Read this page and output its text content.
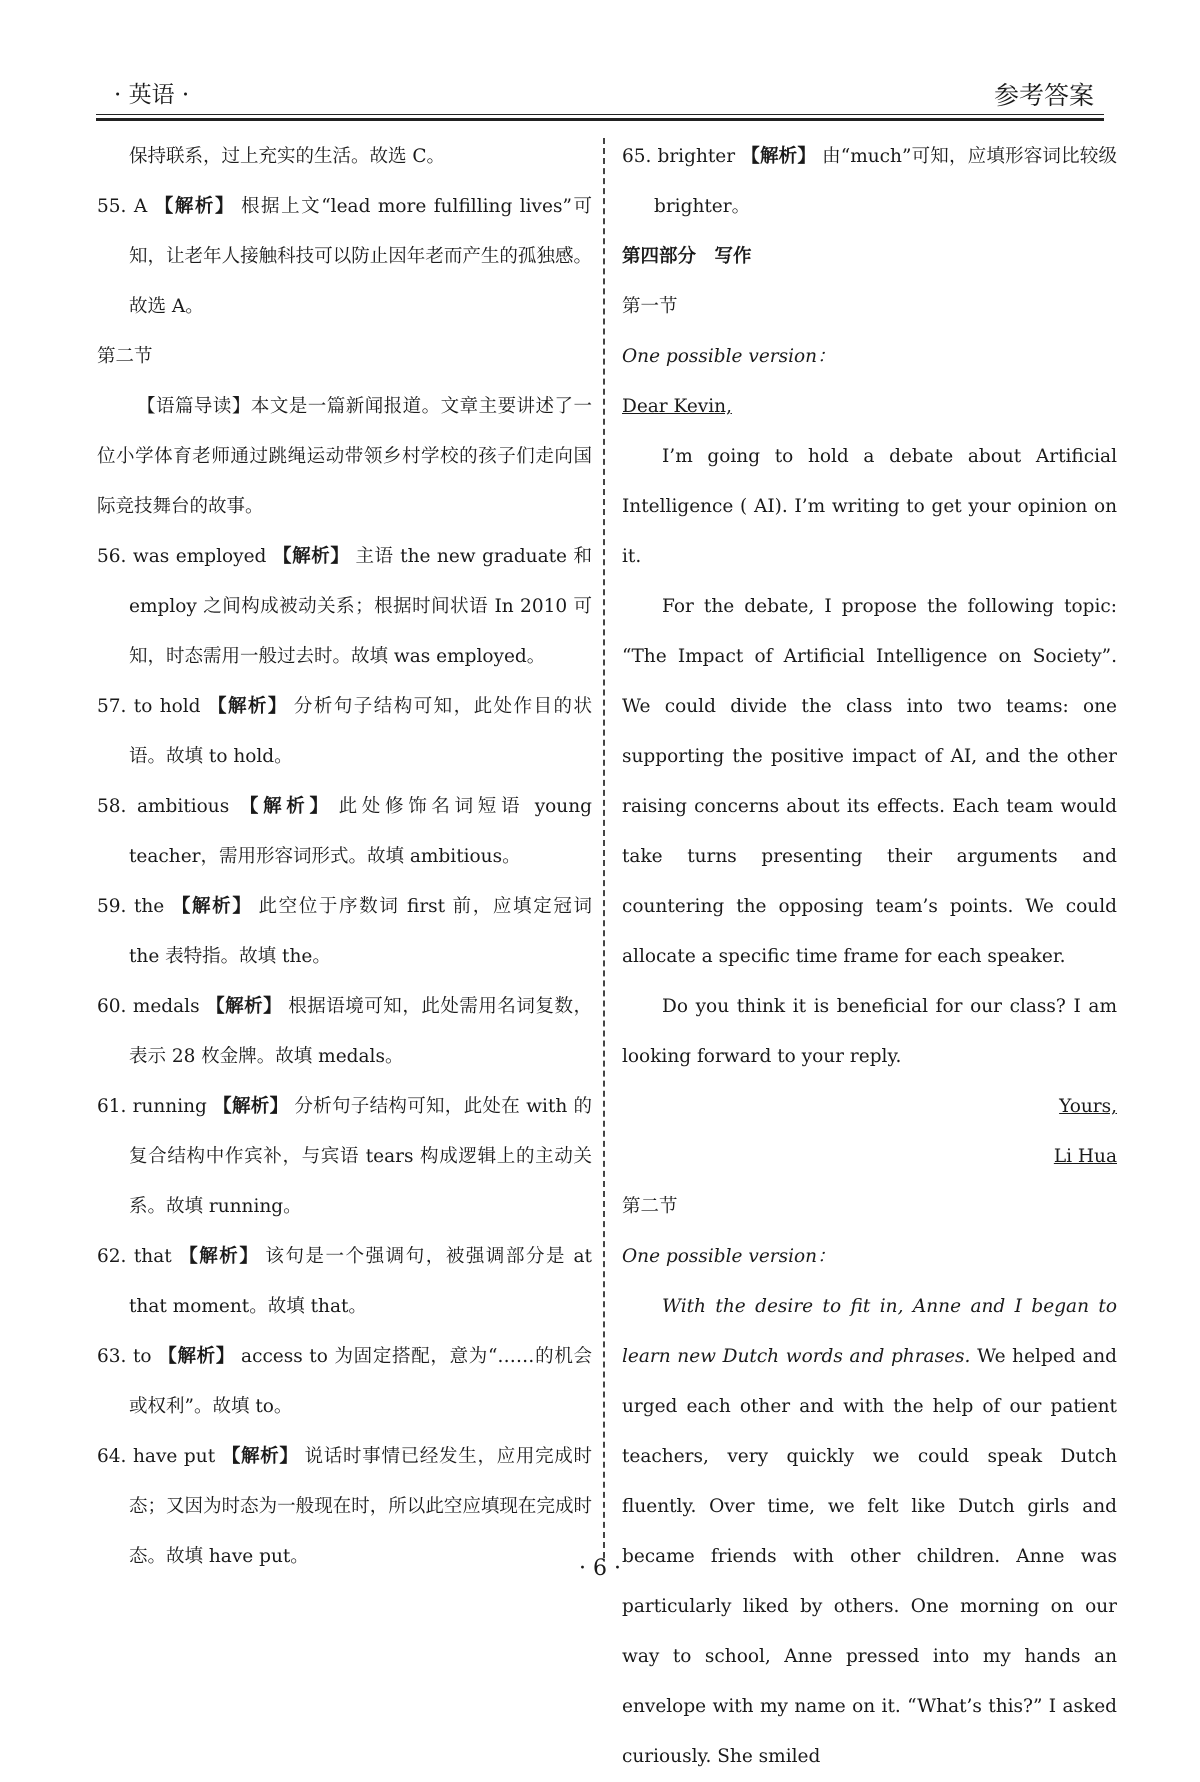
· 英语 ·	参考答案

保持联系，过上充实的生活。故选 C。

55. A 【解析】 根据上文“lead more fulfilling lives”可知，让老年人接触科技可以防止因年老而产生的孤独感。故选 A。

第二节

【语篇导读】本文是一篇新闻报道。文章主要讲述了一位小学体育老师通过跳绳运动带领乡村学校的孩子们走向国际竞技舞台的故事。

56. was employed 【解析】 主语 the new graduate 和 employ 之间构成被动关系；根据时间状语 In 2010 可知，时态需用一般过去时。故填 was employed。

57. to hold 【解析】 分析句子结构可知，此处作目的状语。故填 to hold。

58. ambitious 【解析】 此处修饰名词短语 young teacher，需用形容词形式。故填 ambitious。

59. the 【解析】 此空位于序数词 first 前，应填定冠词 the 表特指。故填 the。

60. medals 【解析】 根据语境可知，此处需用名词复数，表示 28 枚金牌。故填 medals。

61. running 【解析】 分析句子结构可知，此处在 with 的复合结构中作宾补，与宾语 tears 构成逻辑上的主动关系。故填 running。

62. that 【解析】 该句是一个强调句，被强调部分是 at that moment。故填 that。

63. to 【解析】 access to 为固定搭配，意为“……的机会或权利”。故填 to。

64. have put 【解析】 说话时事情已经发生，应用完成时态；又因为时态为一般现在时，所以此空应填现在完成时态。故填 have put。

65. brighter 【解析】 由“much”可知，应填形容词比较级 brighter。

第四部分　写作

第一节

One possible version：

Dear Kevin,

I’m going to hold a debate about Artificial Intelligence ( AI). I’m writing to get your opinion on it.

For the debate, I propose the following topic: “The Impact of Artificial Intelligence on Society”. We could divide the class into two teams: one supporting the positive impact of AI, and the other raising concerns about its effects. Each team would take turns presenting their arguments and countering the opposing team’s points. We could allocate a specific time frame for each speaker.

Do you think it is beneficial for our class? I am looking forward to your reply.

Yours,

Li Hua

第二节

One possible version：

With the desire to fit in, Anne and I began to learn new Dutch words and phrases. We helped and urged each other and with the help of our patient teachers, very quickly we could speak Dutch fluently. Over time, we felt like Dutch girls and became friends with other children. Anne was particularly liked by others. One morning on our way to school, Anne pressed into my hands an envelope with my name on it. “What’s this?” I asked curiously. She smiled

· 6 ·
